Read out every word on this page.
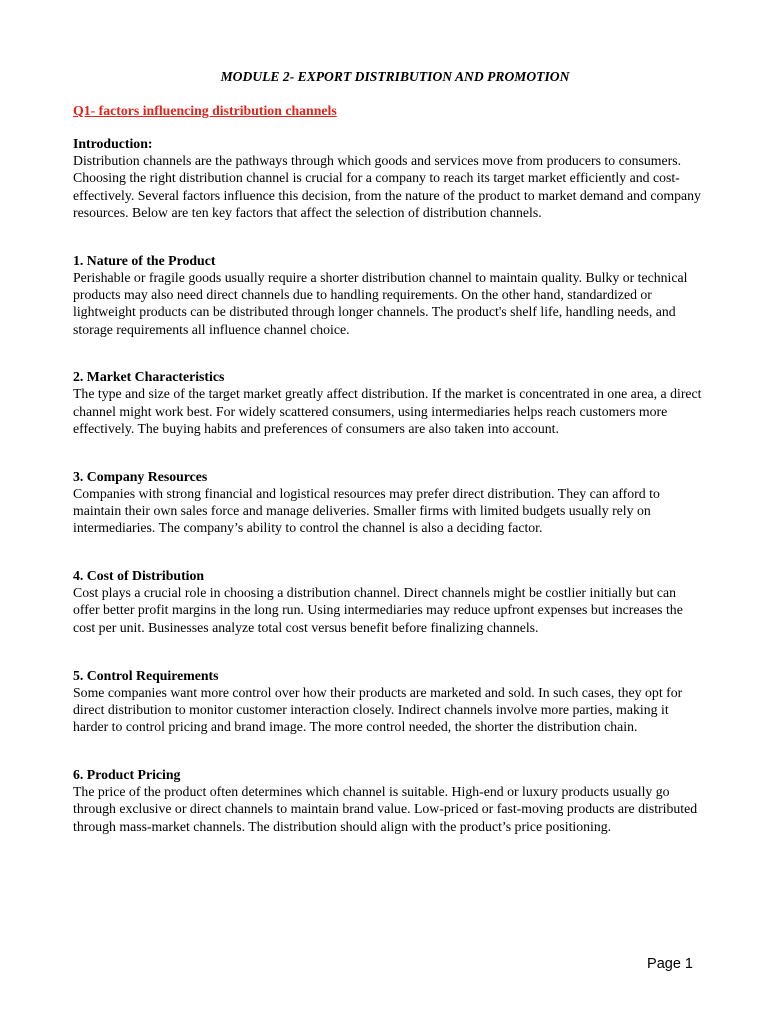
MODULE 2- EXPORT DISTRIBUTION AND PROMOTION
Q1- factors influencing distribution channels
Introduction:
Distribution channels are the pathways through which goods and services move from producers to consumers. Choosing the right distribution channel is crucial for a company to reach its target market efficiently and cost-effectively. Several factors influence this decision, from the nature of the product to market demand and company resources. Below are ten key factors that affect the selection of distribution channels.
1. Nature of the Product
Perishable or fragile goods usually require a shorter distribution channel to maintain quality. Bulky or technical products may also need direct channels due to handling requirements. On the other hand, standardized or lightweight products can be distributed through longer channels. The product's shelf life, handling needs, and storage requirements all influence channel choice.
2. Market Characteristics
The type and size of the target market greatly affect distribution. If the market is concentrated in one area, a direct channel might work best. For widely scattered consumers, using intermediaries helps reach customers more effectively. The buying habits and preferences of consumers are also taken into account.
3. Company Resources
Companies with strong financial and logistical resources may prefer direct distribution. They can afford to maintain their own sales force and manage deliveries. Smaller firms with limited budgets usually rely on intermediaries. The company’s ability to control the channel is also a deciding factor.
4. Cost of Distribution
Cost plays a crucial role in choosing a distribution channel. Direct channels might be costlier initially but can offer better profit margins in the long run. Using intermediaries may reduce upfront expenses but increases the cost per unit. Businesses analyze total cost versus benefit before finalizing channels.
5. Control Requirements
Some companies want more control over how their products are marketed and sold. In such cases, they opt for direct distribution to monitor customer interaction closely. Indirect channels involve more parties, making it harder to control pricing and brand image. The more control needed, the shorter the distribution chain.
6. Product Pricing
The price of the product often determines which channel is suitable. High-end or luxury products usually go through exclusive or direct channels to maintain brand value. Low-priced or fast-moving products are distributed through mass-market channels. The distribution should align with the product’s price positioning.
Page 1
